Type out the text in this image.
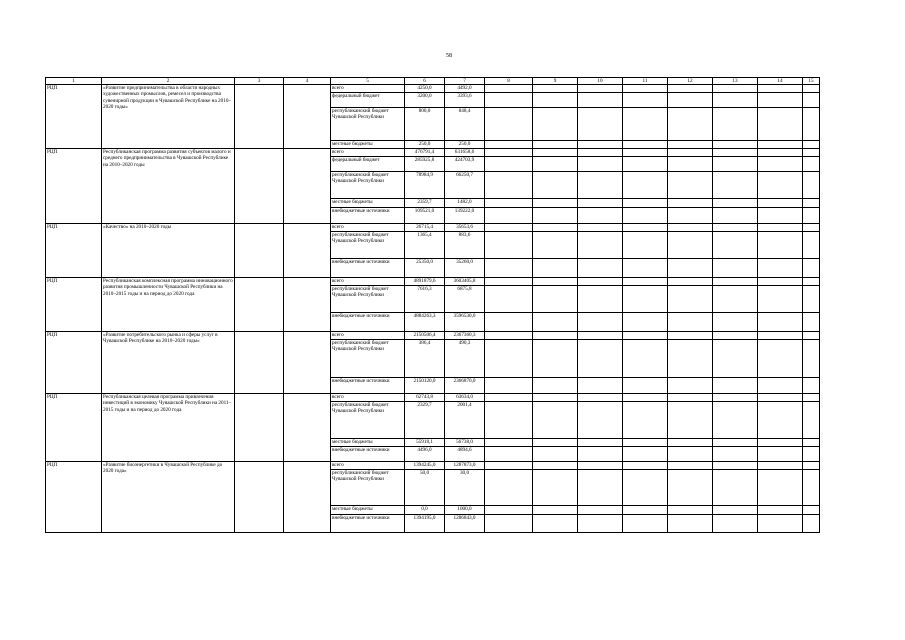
58
1	2	3	4	5	6	7	8	9	10	11	12	13	14	15
РЦП	«Развитие предпринимательства в области народных художественных промыслов, ремесел и производства сувенирной продукции в Чувашской Республике на 2010–2020 годы»			всего	4250,0	4492,0								
				федеральный бюджет	3200,0	3393,6								
				республиканский бюджет Чувашской Республики	800,0	848,4								
				местные бюджеты	250,0	250,0								
РЦП	Республиканская программа развития субъектов малого и среднего предпринимательства в Чувашской Республике на 2010–2020 годы			всего	476791,4	631658,6								
				федеральный бюджет	285925,8	424703,9								
				республиканский бюджет Чувашской Республики	78984,9	66250,7								
				местные бюджеты	2359,7	1482,0								
				внебюджетные источники	109521,0	139222,0								
РЦП	«Качество» на 2010–2020 годы			всего	26715,4	35653,6								
				республиканский бюджет Чувашской Республики	1365,4	883,6								
				внебюджетные источники	25350,0	35260,0								
РЦП	Республиканская комплексная программа инновационного развития промышленности Чувашской Республики на 2010–2015 годы и на период до 2020 года			всего	4891879,6	3603405,8								
				республиканский бюджет Чувашской Республики	7616,3	6875,8								
				внебюджетные источники	4884263,3	3596530,0								
РЦП	«Развитие потребительского рынка и сферы услуг в Чувашской Республике на 2010–2020 годы»			всего	2150506,4	2367360,3								
				республиканский бюджет Чувашской Республики	386,4	490,3								
				внебюджетные источники	2150120,0	2366870,0								
РЦП	Республиканская целевая программа привлечения инвестиций в экономику Чувашской Республики на 2011–2015 годы и на период до 2020 года			всего	62743,8	63634,0								
				республиканский бюджет Чувашской Республики	2329,7	2001,4								
				местные бюджеты	55918,1	56738,0								
				внебюджетные источники	4496,0	4894,6								
РЦП	«Развитие биоэнергетики в Чувашской Республике до 2020 года»			всего	1394245,0	1287873,0								
				республиканский бюджет Чувашской Республики	50,0	30,0								
				местные бюджеты	0,0	1000,0								
				внебюджетные источники	1394195,0	1286843,0								
